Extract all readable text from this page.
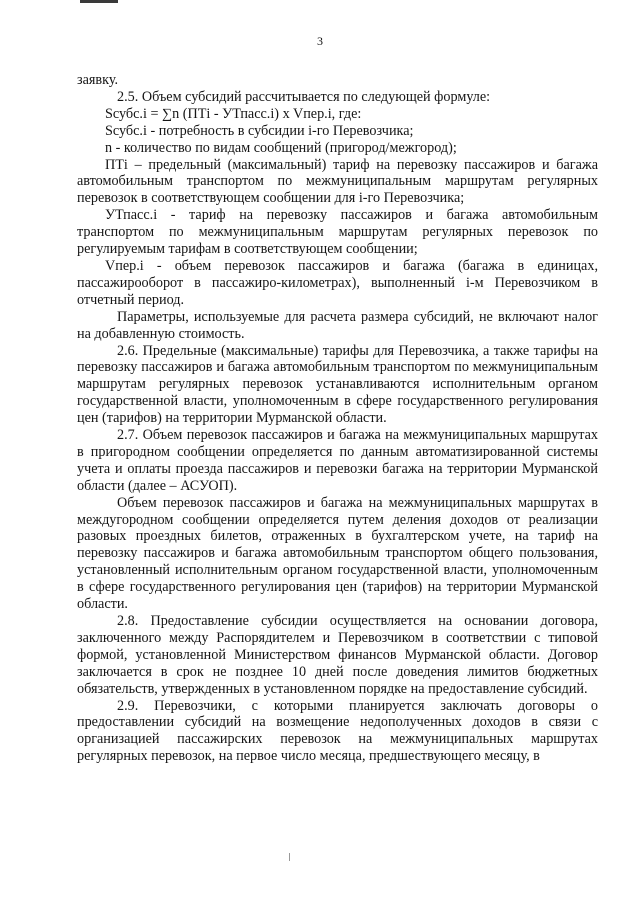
3

заявку.

2.5. Объем субсидий рассчитывается по следующей формуле:

Sсубс.i = ∑n (ПТi - УТпасс.i) x Vпер.i, где:

Sсубс.i - потребность в субсидии i-го Перевозчика;

n - количество по видам сообщений (пригород/межгород);

ПТi – предельный (максимальный) тариф на перевозку пассажиров и багажа автомобильным транспортом по межмуниципальным маршрутам регулярных перевозок в соответствующем сообщении для i-го Перевозчика;

УТпасс.i - тариф на перевозку пассажиров и багажа автомобильным транспортом по межмуниципальным маршрутам регулярных перевозок по регулируемым тарифам в соответствующем сообщении;

Vпер.i - объем перевозок пассажиров и багажа (багажа в единицах, пассажирооборот в пассажиро-километрах), выполненный i-м Перевозчиком в отчетный период.

Параметры, используемые для расчета размера субсидий, не включают налог на добавленную стоимость.

2.6. Предельные (максимальные) тарифы для Перевозчика, а также тарифы на перевозку пассажиров и багажа автомобильным транспортом по межмуниципальным маршрутам регулярных перевозок устанавливаются исполнительным органом государственной власти, уполномоченным в сфере государственного регулирования цен (тарифов) на территории Мурманской области.

2.7. Объем перевозок пассажиров и багажа на межмуниципальных маршрутах в пригородном сообщении определяется по данным автоматизированной системы учета и оплаты проезда пассажиров и перевозки багажа на территории Мурманской области (далее – АСУОП).

Объем перевозок пассажиров и багажа на межмуниципальных маршрутах в междугородном сообщении определяется путем деления доходов от реализации разовых проездных билетов, отраженных в бухгалтерском учете, на тариф на перевозку пассажиров и багажа автомобильным транспортом общего пользования, установленный исполнительным органом государственной власти, уполномоченным в сфере государственного регулирования цен (тарифов) на территории Мурманской области.

2.8. Предоставление субсидии осуществляется на основании договора, заключенного между Распорядителем и Перевозчиком в соответствии с типовой формой, установленной Министерством финансов Мурманской области. Договор заключается в срок не позднее 10 дней после доведения лимитов бюджетных обязательств, утвержденных в установленном порядке на предоставление субсидий.

2.9. Перевозчики, с которыми планируется заключать договоры о предоставлении субсидий на возмещение недополученных доходов в связи с организацией пассажирских перевозок на межмуниципальных маршрутах регулярных перевозок, на первое число месяца, предшествующего месяцу, в
